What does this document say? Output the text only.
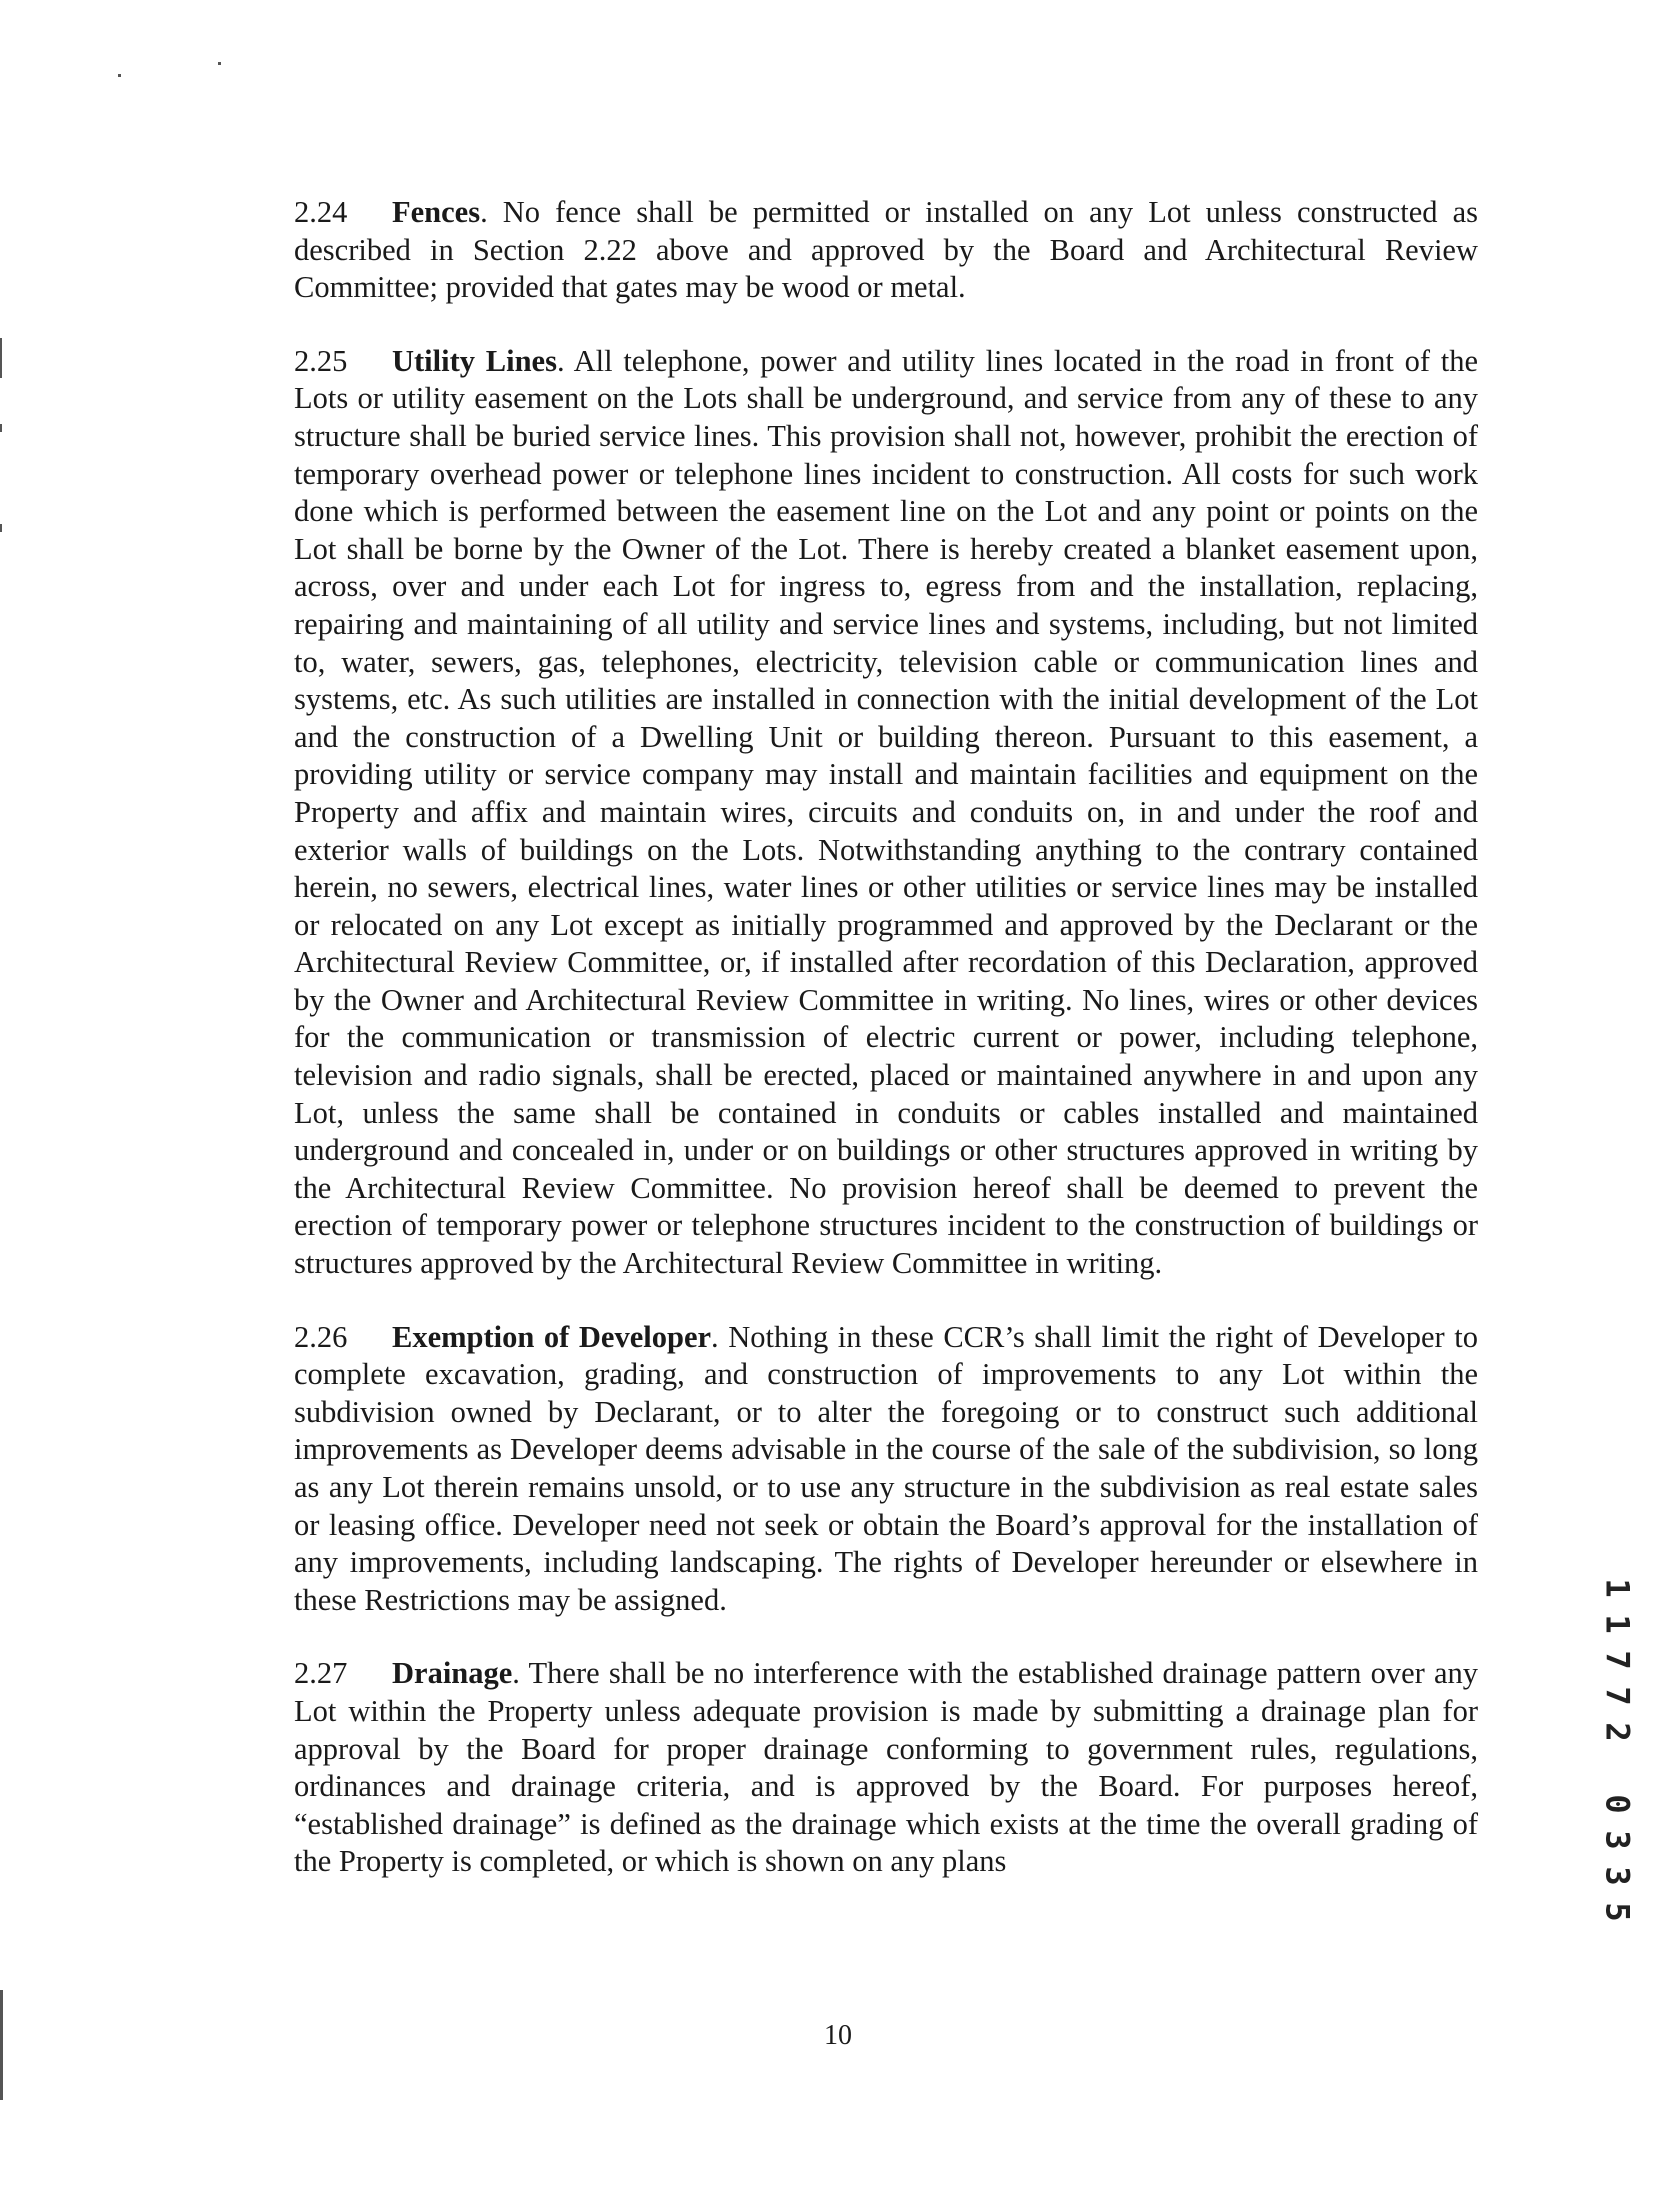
2.24 Fences. No fence shall be permitted or installed on any Lot unless constructed as described in Section 2.22 above and approved by the Board and Architectural Review Committee; provided that gates may be wood or metal.

2.25 Utility Lines. All telephone, power and utility lines located in the road in front of the Lots or utility easement on the Lots shall be underground, and service from any of these to any structure shall be buried service lines. This provision shall not, however, prohibit the erection of temporary overhead power or telephone lines incident to construction. All costs for such work done which is performed between the easement line on the Lot and any point or points on the Lot shall be borne by the Owner of the Lot. There is hereby created a blanket easement upon, across, over and under each Lot for ingress to, egress from and the installation, replacing, repairing and maintaining of all utility and service lines and systems, including, but not limited to, water, sewers, gas, telephones, electricity, television cable or communication lines and systems, etc. As such utilities are installed in connection with the initial development of the Lot and the construction of a Dwelling Unit or building thereon. Pursuant to this easement, a providing utility or service company may install and maintain facilities and equipment on the Property and affix and maintain wires, circuits and conduits on, in and under the roof and exterior walls of buildings on the Lots. Notwithstanding anything to the contrary contained herein, no sewers, electrical lines, water lines or other utilities or service lines may be installed or relocated on any Lot except as initially programmed and approved by the Declarant or the Architectural Review Committee, or, if installed after recordation of this Declaration, approved by the Owner and Architectural Review Committee in writing. No lines, wires or other devices for the communication or transmission of electric current or power, including telephone, television and radio signals, shall be erected, placed or maintained anywhere in and upon any Lot, unless the same shall be contained in conduits or cables installed and maintained underground and concealed in, under or on buildings or other structures approved in writing by the Architectural Review Committee. No provision hereof shall be deemed to prevent the erection of temporary power or telephone structures incident to the construction of buildings or structures approved by the Architectural Review Committee in writing.

2.26 Exemption of Developer. Nothing in these CCR’s shall limit the right of Developer to complete excavation, grading, and construction of improvements to any Lot within the subdivision owned by Declarant, or to alter the foregoing or to construct such additional improvements as Developer deems advisable in the course of the sale of the subdivision, so long as any Lot therein remains unsold, or to use any structure in the subdivision as real estate sales or leasing office. Developer need not seek or obtain the Board’s approval for the installation of any improvements, including landscaping. The rights of Developer hereunder or elsewhere in these Restrictions may be assigned.

2.27 Drainage. There shall be no interference with the established drainage pattern over any Lot within the Property unless adequate provision is made by submitting a drainage plan for approval by the Board for proper drainage conforming to government rules, regulations, ordinances and drainage criteria, and is approved by the Board. For purposes hereof, “established drainage” is defined as the drainage which exists at the time the overall grading of the Property is completed, or which is shown on any plans

10
1
1
7
7
2
0
3
3
5
